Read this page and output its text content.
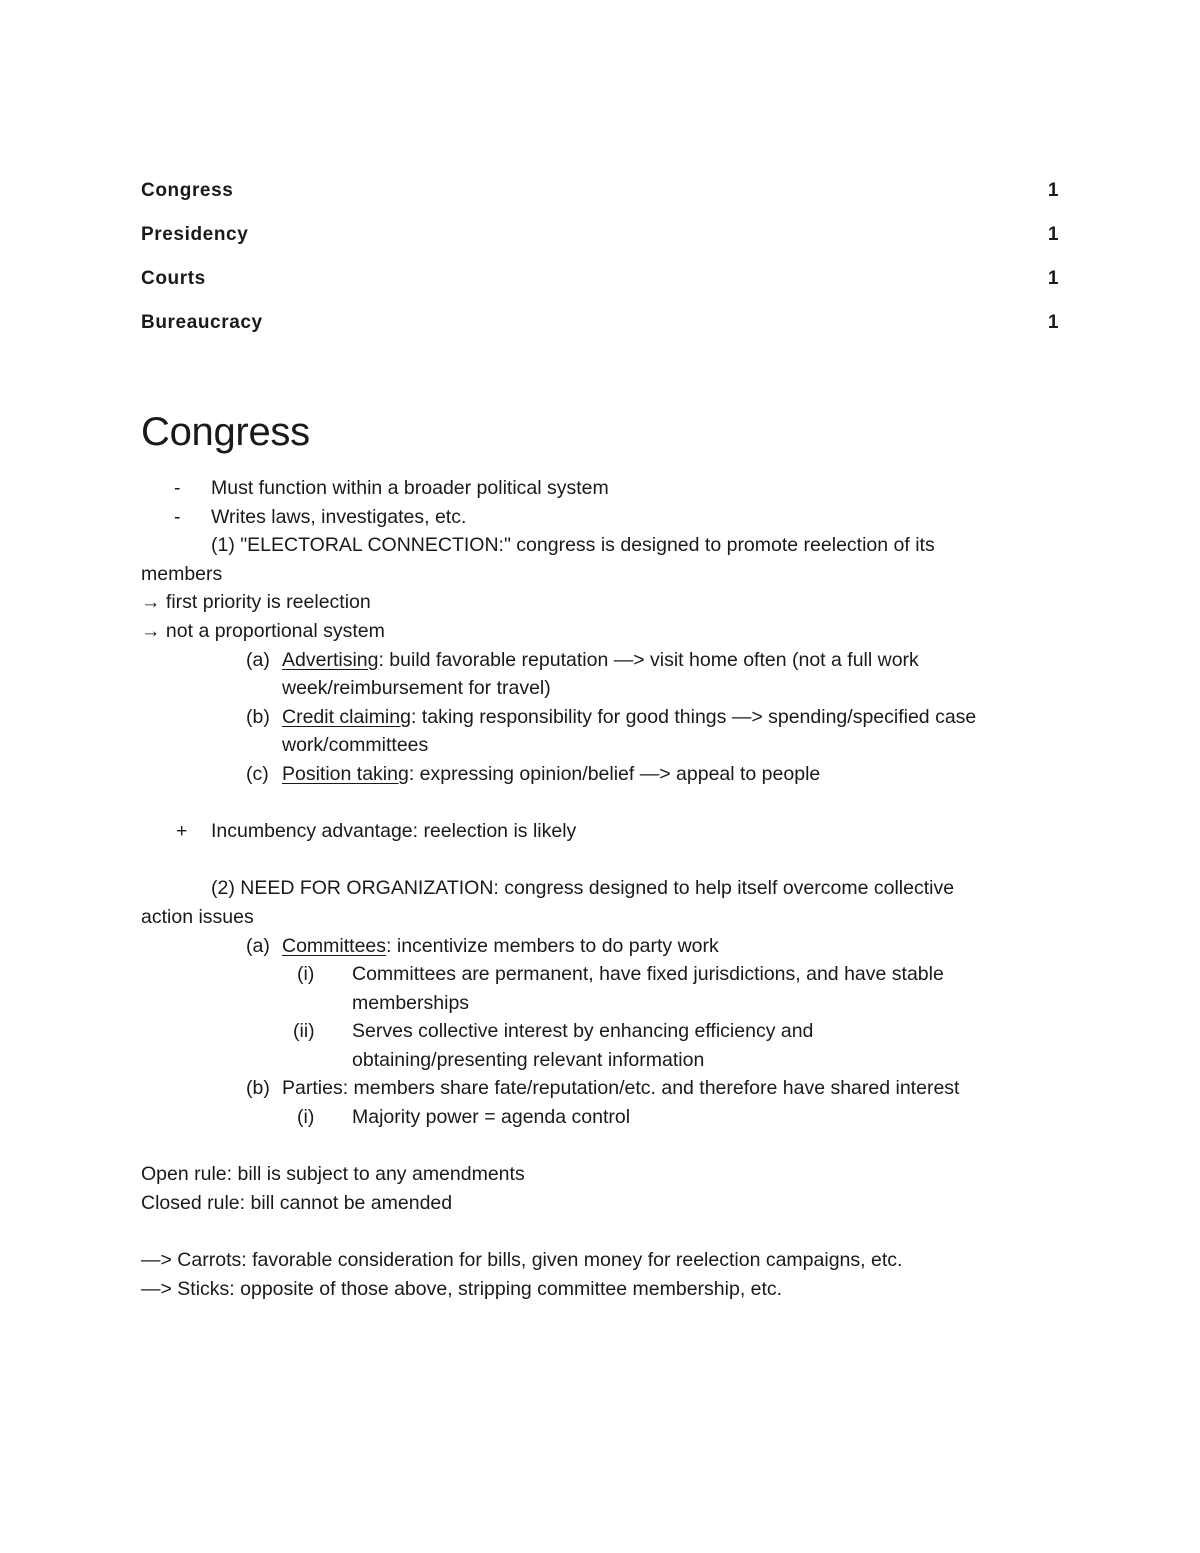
Congress	1
Presidency	1
Courts	1
Bureaucracy	1
Congress
- Must function within a broader political system
- Writes laws, investigates, etc.
(1) "ELECTORAL CONNECTION:" congress is designed to promote reelection of its
members
→ first priority is reelection
→ not a proportional system
(a) Advertising: build favorable reputation —> visit home often (not a full work
week/reimbursement for travel)
(b) Credit claiming: taking responsibility for good things —> spending/specified case
work/committees
(c) Position taking: expressing opinion/belief —> appeal to people
+ Incumbency advantage: reelection is likely
(2) NEED FOR ORGANIZATION: congress designed to help itself overcome collective
action issues
(a) Committees: incentivize members to do party work
(i) Committees are permanent, have fixed jurisdictions, and have stable
memberships
(ii) Serves collective interest by enhancing efficiency and
obtaining/presenting relevant information
(b) Parties: members share fate/reputation/etc. and therefore have shared interest
(i) Majority power = agenda control
Open rule: bill is subject to any amendments
Closed rule: bill cannot be amended
—> Carrots: favorable consideration for bills, given money for reelection campaigns, etc.
—> Sticks: opposite of those above, stripping committee membership, etc.
